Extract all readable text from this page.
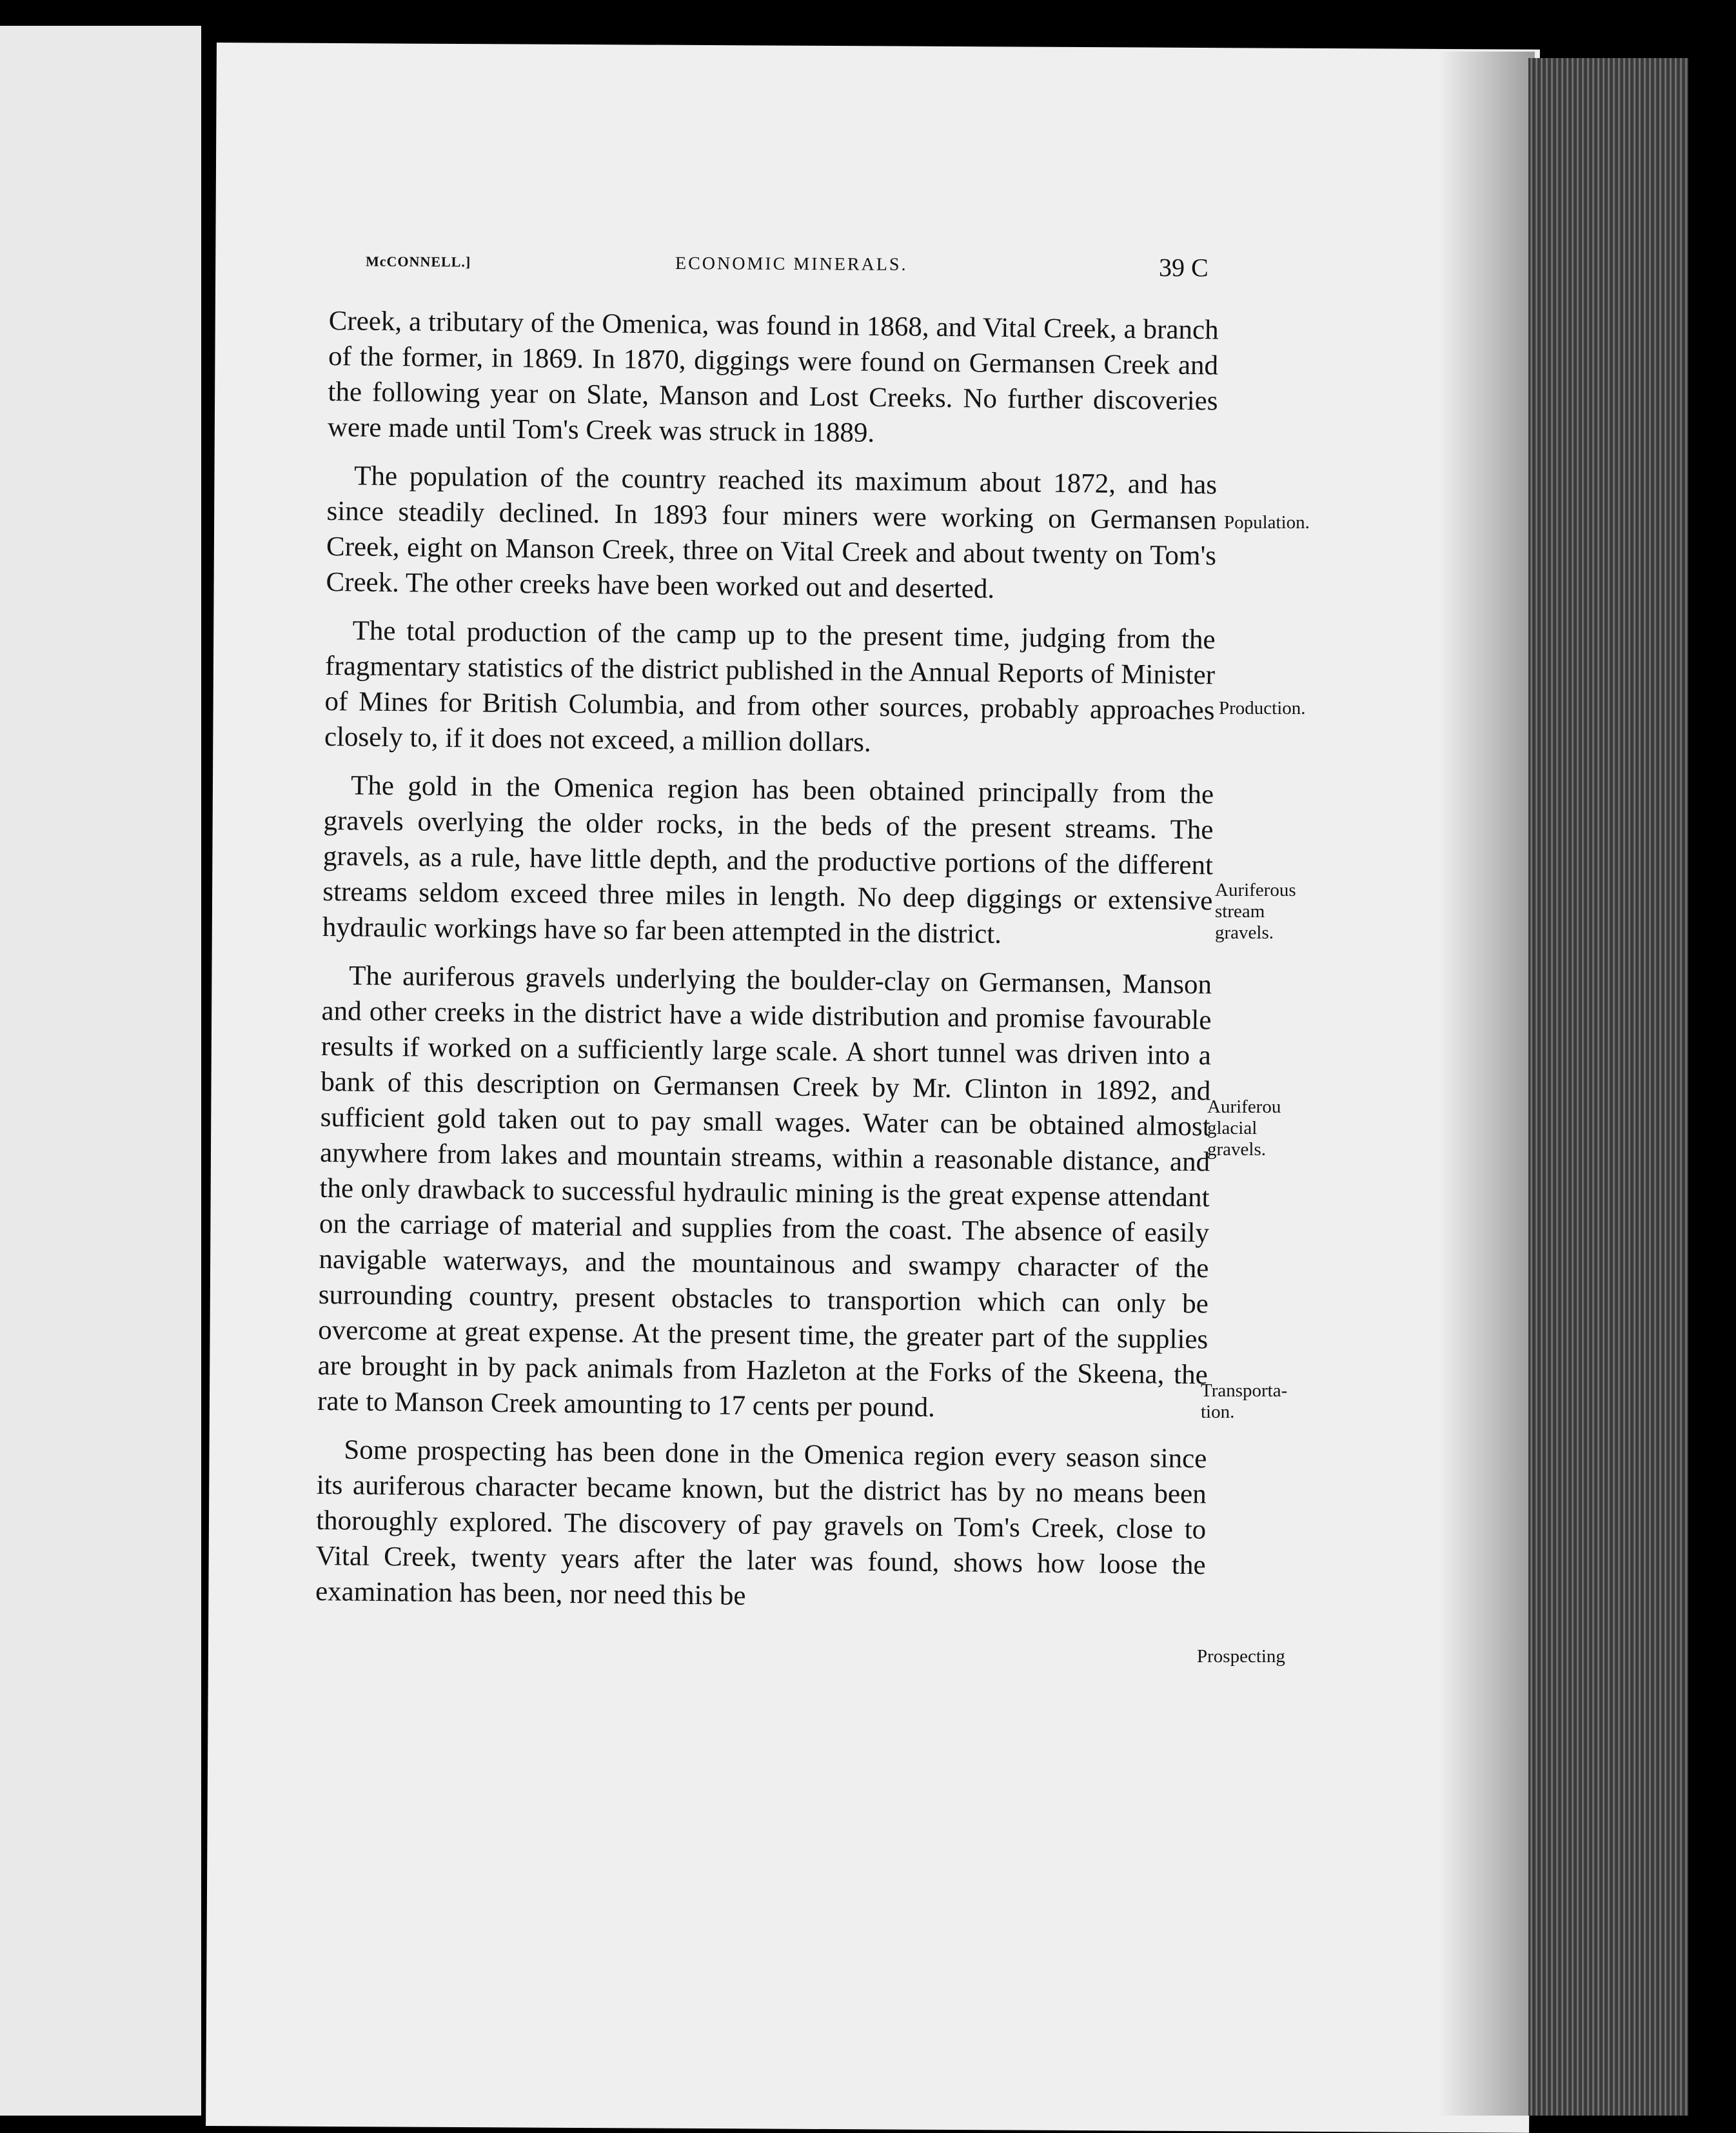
McCONNELL.]	ECONOMIC MINERALS.	39 C

Creek, a tributary of the Omenica, was found in 1868, and Vital Creek, a branch of the former, in 1869. In 1870, diggings were found on Germansen Creek and the following year on Slate, Manson and Lost Creeks. No further discoveries were made until Tom's Creek was struck in 1889.

The population of the country reached its maximum about 1872, and has since steadily declined. In 1893 four miners were working on Germansen Creek, eight on Manson Creek, three on Vital Creek and about twenty on Tom's Creek. The other creeks have been worked out and deserted.

The total production of the camp up to the present time, judging from the fragmentary statistics of the district published in the Annual Reports of Minister of Mines for British Columbia, and from other sources, probably approaches closely to, if it does not exceed, a million dollars.

The gold in the Omenica region has been obtained principally from the gravels overlying the older rocks, in the beds of the present streams. The gravels, as a rule, have little depth, and the productive portions of the different streams seldom exceed three miles in length. No deep diggings or extensive hydraulic workings have so far been attempted in the district.

The auriferous gravels underlying the boulder-clay on Germansen, Manson and other creeks in the district have a wide distribution and promise favourable results if worked on a sufficiently large scale. A short tunnel was driven into a bank of this description on Germansen Creek by Mr. Clinton in 1892, and sufficient gold taken out to pay small wages. Water can be obtained almost anywhere from lakes and mountain streams, within a reasonable distance, and the only drawback to successful hydraulic mining is the great expense attendant on the carriage of material and supplies from the coast. The absence of easily navigable waterways, and the mountainous and swampy character of the surrounding country, present obstacles to transportion which can only be overcome at great expense. At the present time, the greater part of the supplies are brought in by pack animals from Hazleton at the Forks of the Skeena, the rate to Manson Creek amounting to 17 cents per pound.

Some prospecting has been done in the Omenica region every season since its auriferous character became known, but the district has by no means been thoroughly explored. The discovery of pay gravels on Tom's Creek, close to Vital Creek, twenty years after the later was found, shows how loose the examination has been, nor need this be

Population.
Production.
Auriferous stream gravels.
Auriferou glacial gravels.
Transporta- tion.
Prospecting
